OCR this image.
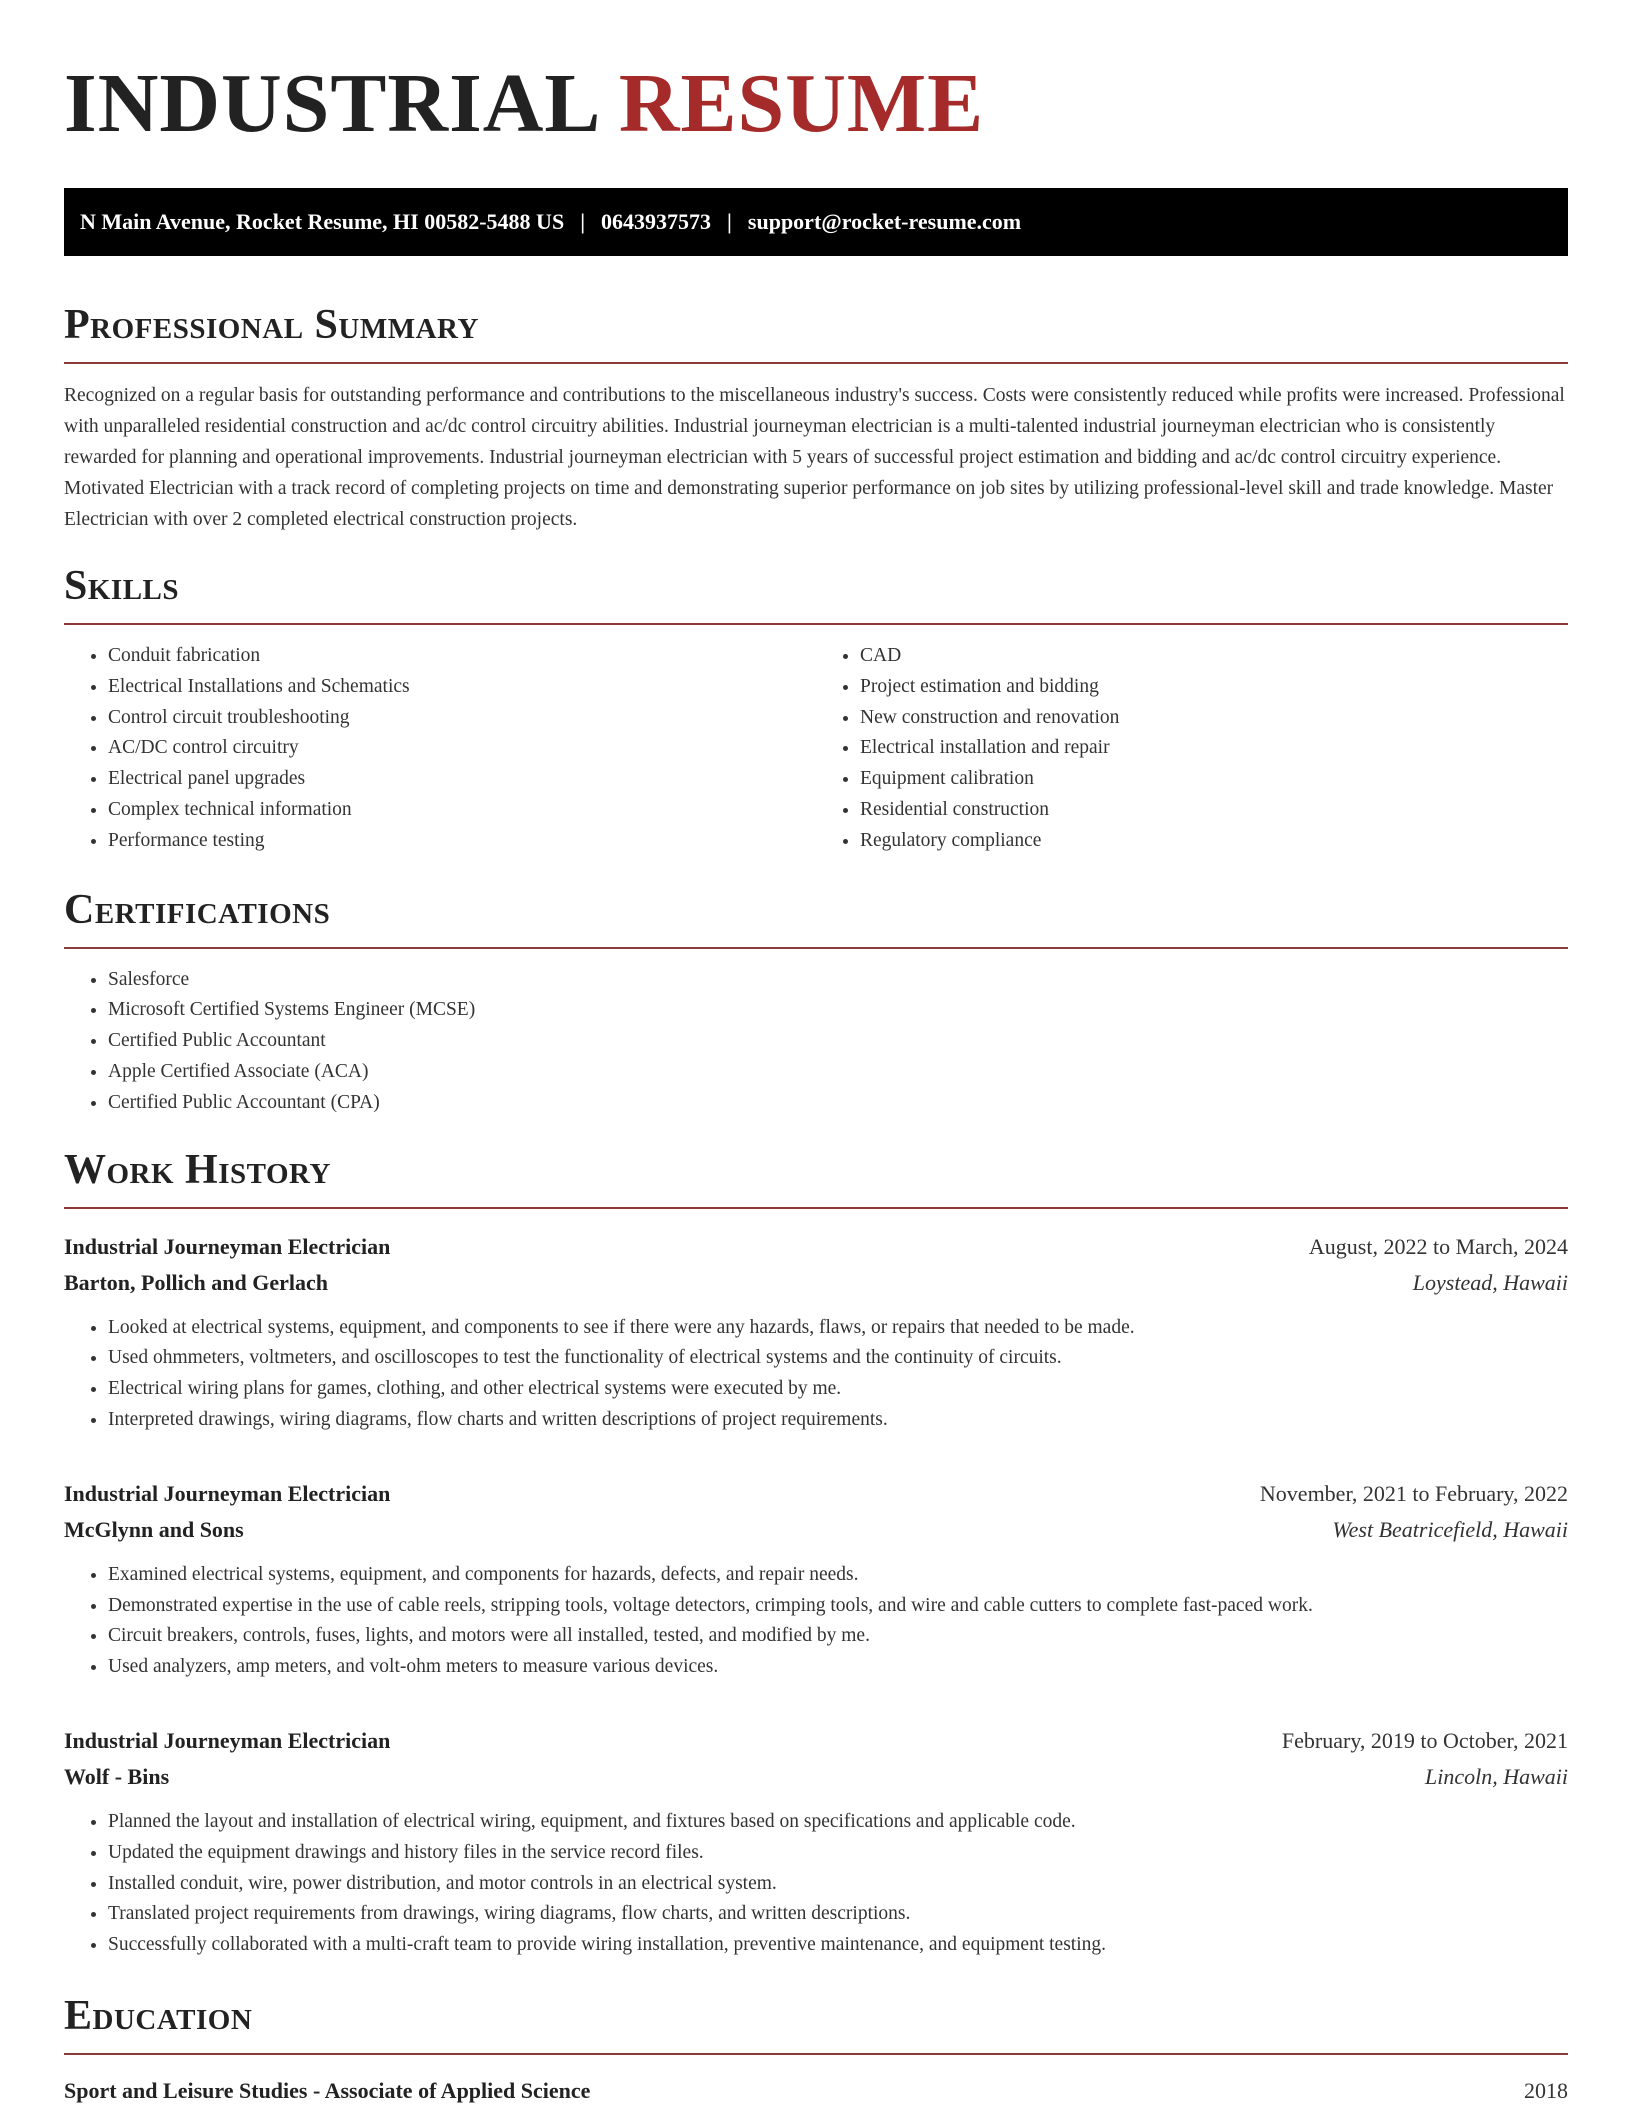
INDUSTRIAL RESUME
N Main Avenue, Rocket Resume, HI 00582-5488 US | 0643937573 | support@rocket-resume.com
Professional Summary

Recognized on a regular basis for outstanding performance and contributions to the miscellaneous industry's success. Costs were consistently reduced while profits were increased. Professional with unparalleled residential construction and ac/dc control circuitry abilities. Industrial journeyman electrician is a multi-talented industrial journeyman electrician who is consistently rewarded for planning and operational improvements. Industrial journeyman electrician with 5 years of successful project estimation and bidding and ac/dc control circuitry experience. Motivated Electrician with a track record of completing projects on time and demonstrating superior performance on job sites by utilizing professional-level skill and trade knowledge. Master Electrician with over 2 completed electrical construction projects.

Skills
• Conduit fabrication
• Electrical Installations and Schematics
• Control circuit troubleshooting
• AC/DC control circuitry
• Electrical panel upgrades
• Complex technical information
• Performance testing
• CAD
• Project estimation and bidding
• New construction and renovation
• Electrical installation and repair
• Equipment calibration
• Residential construction
• Regulatory compliance
Certifications
• Salesforce
• Microsoft Certified Systems Engineer (MCSE)
• Certified Public Accountant
• Apple Certified Associate (ACA)
• Certified Public Accountant (CPA)
Work History
Industrial Journeyman Electrician	August, 2022 to March, 2024
Barton, Pollich and Gerlach	Loystead, Hawaii
• Looked at electrical systems, equipment, and components to see if there were any hazards, flaws, or repairs that needed to be made.
• Used ohmmeters, voltmeters, and oscilloscopes to test the functionality of electrical systems and the continuity of circuits.
• Electrical wiring plans for games, clothing, and other electrical systems were executed by me.
• Interpreted drawings, wiring diagrams, flow charts and written descriptions of project requirements.
Industrial Journeyman Electrician	November, 2021 to February, 2022
McGlynn and Sons	West Beatricefield, Hawaii
• Examined electrical systems, equipment, and components for hazards, defects, and repair needs.
• Demonstrated expertise in the use of cable reels, stripping tools, voltage detectors, crimping tools, and wire and cable cutters to complete fast-paced work.
• Circuit breakers, controls, fuses, lights, and motors were all installed, tested, and modified by me.
• Used analyzers, amp meters, and volt-ohm meters to measure various devices.
Industrial Journeyman Electrician	February, 2019 to October, 2021
Wolf - Bins	Lincoln, Hawaii
• Planned the layout and installation of electrical wiring, equipment, and fixtures based on specifications and applicable code.
• Updated the equipment drawings and history files in the service record files.
• Installed conduit, wire, power distribution, and motor controls in an electrical system.
• Translated project requirements from drawings, wiring diagrams, flow charts, and written descriptions.
• Successfully collaborated with a multi-craft team to provide wiring installation, preventive maintenance, and equipment testing.
Education
Sport and Leisure Studies - Associate of Applied Science	2018
